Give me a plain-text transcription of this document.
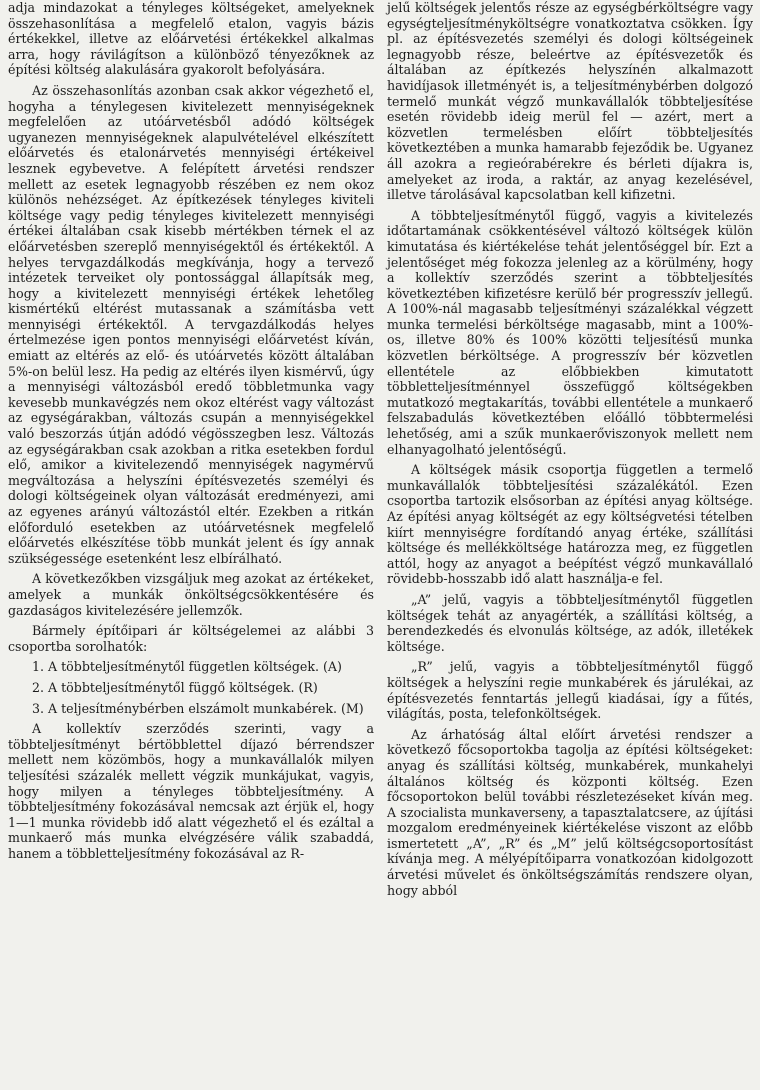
adja mindazokat a tényleges költségeket, amelyeknek összehasonlítása a megfelelő etalon, vagyis bázis értékekkel, illetve az előárvetési értékekkel alkalmas arra, hogy rávilágítson a különböző tényezőknek az építési költség alakulására gyakorolt befolyására.

Az összehasonlítás azonban csak akkor végezhető el, hogyha a ténylegesen kivitelezett mennyiségeknek megfelelően az utóárvetésből adódó költségek ugyanezen mennyiségeknek alapulvételével elkészített előárvetés és etalonárvetés mennyiségi értékeivel lesznek egybevetve. A felépített árvetési rendszer mellett az esetek legnagyobb részében ez nem okoz különös nehézséget. Az építkezések tényleges kiviteli költsége vagy pedig tényleges kivitelezett mennyiségi értékei általában csak kisebb mértékben térnek el az előárvetésben szereplő mennyiségektől és értékektől. A helyes tervgazdálkodás megkívánja, hogy a tervező intézetek terveiket oly pontossággal állapítsák meg, hogy a kivitelezett mennyiségi értékek lehetőleg kismértékű eltérést mutassanak a számításba vett mennyiségi értékektől. A tervgazdálkodás helyes értelmezése igen pontos mennyiségi előárvetést kíván, emiatt az eltérés az elő- és utóárvetés között általában 5%-on belül lesz. Ha pedig az eltérés ilyen kismérvű, úgy a mennyiségi változásból eredő többletmunka vagy kevesebb munkavégzés nem okoz eltérést vagy változást az egységárakban, változás csupán a mennyiségekkel való beszorzás útján adódó végösszegben lesz. Változás az egységárakban csak azokban a ritka esetekben fordul elő, amikor a kivitelezendő mennyiségek nagymérvű megváltozása a helyszíni építésvezetés személyi és dologi költségeinek olyan változását eredményezi, ami az egyenes arányú változástól eltér. Ezekben a ritkán előforduló esetekben az utóárvetésnek megfelelő előárvetés elkészítése több munkát jelent és így annak szükségessége esetenként lesz elbírálható.

A következőkben vizsgáljuk meg azokat az értékeket, amelyek a munkák önköltségcsökkentésére és gazdaságos kivitelezésére jellemzők.

Bármely építőipari ár költségelemei az alábbi 3 csoportba sorolhatók:

1. A többteljesítménytől független költségek. (A)

2. A többteljesítménytől függő költségek. (R)

3. A teljesítménybérben elszámolt munkabérek. (M)

A kollektív szerződés szerinti, vagy a többteljesítményt bértöbblettel díjazó bérrendszer mellett nem közömbös, hogy a munkavállalók milyen teljesítési százalék mellett végzik munkájukat, vagyis, hogy milyen a tényleges többteljesítmény. A többteljesítmény fokozásával nemcsak azt érjük el, hogy 1—1 munka rövidebb idő alatt végezhető el és ezáltal a munkaerő más munka elvégzésére válik szabaddá, hanem a többletteljesítmény fokozásával az R-

jelű költségek jelentős része az egységbérköltségre vagy egységteljesítményköltségre vonatkoztatva csökken. Így pl. az építésvezetés személyi és dologi költségeinek legnagyobb része, beleértve az építésvezetők és általában az építkezés helyszínén alkalmazott havidíjasok illetményét is, a teljesítménybérben dolgozó termelő munkát végző munkavállalók többteljesítése esetén rövidebb ideig merül fel — azért, mert a közvetlen termelésben előírt többteljesítés következtében a munka hamarabb fejeződik be. Ugyanez áll azokra a regieórabérekre és bérleti díjakra is, amelyeket az iroda, a raktár, az anyag kezelésével, illetve tárolásával kapcsolatban kell kifizetni.

A többteljesítménytől függő, vagyis a kivitelezés időtartamának csökkentésével változó költségek külön kimutatása és kiértékelése tehát jelentőséggel bír. Ezt a jelentőséget még fokozza jelenleg az a körülmény, hogy a kollektív szerződés szerint a többteljesítés következtében kifizetésre kerülő bér progresszív jellegű. A 100%-nál magasabb teljesítményi százalékkal végzett munka termelési bérköltsége magasabb, mint a 100%-os, illetve 80% és 100% közötti teljesítésű munka közvetlen bérköltsége. A progresszív bér közvetlen ellentétele az előbbiekben kimutatott többletteljesítménnyel összefüggő költségekben mutatkozó megtakarítás, további ellentétele a munkaerő felszabadulás következtében előálló többtermelési lehetőség, ami a szűk munkaerőviszonyok mellett nem elhanyagolható jelentőségű.

A költségek másik csoportja független a termelő munkavállalók többteljesítési százalékától. Ezen csoportba tartozik elsősorban az építési anyag költsége. Az építési anyag költségét az egy költségvetési tételben kiírt mennyiségre fordítandó anyag értéke, szállítási költsége és mellékköltsége határozza meg, ez független attól, hogy az anyagot a beépítést végző munkavállaló rövidebb-hosszabb idő alatt használja-e fel.

„A” jelű, vagyis a többteljesítménytől független költségek tehát az anyagérték, a szállítási költség, a berendezkedés és elvonulás költsége, az adók, illetékek költsége.

„R” jelű, vagyis a többteljesítménytől függő költségek a helyszíni regie munkabérek és járulékai, az építésvezetés fenntartás jellegű kiadásai, így a fűtés, világítás, posta, telefonköltségek.

Az árhatóság által előírt árvetési rendszer a következő főcsoportokba tagolja az építési költségeket: anyag és szállítási költség, munkabérek, munkahelyi általános költség és központi költség. Ezen főcsoportokon belül további részletezéseket kíván meg. A szocialista munkaverseny, a tapasztalatcsere, az újítási mozgalom eredményeinek kiértékelése viszont az előbb ismertetett „A”, „R” és „M” jelű költségcsoportosítást kívánja meg. A mélyépítőiparra vonatkozóan kidolgozott árvetési művelet és önköltségszámítás rendszere olyan, hogy abból
